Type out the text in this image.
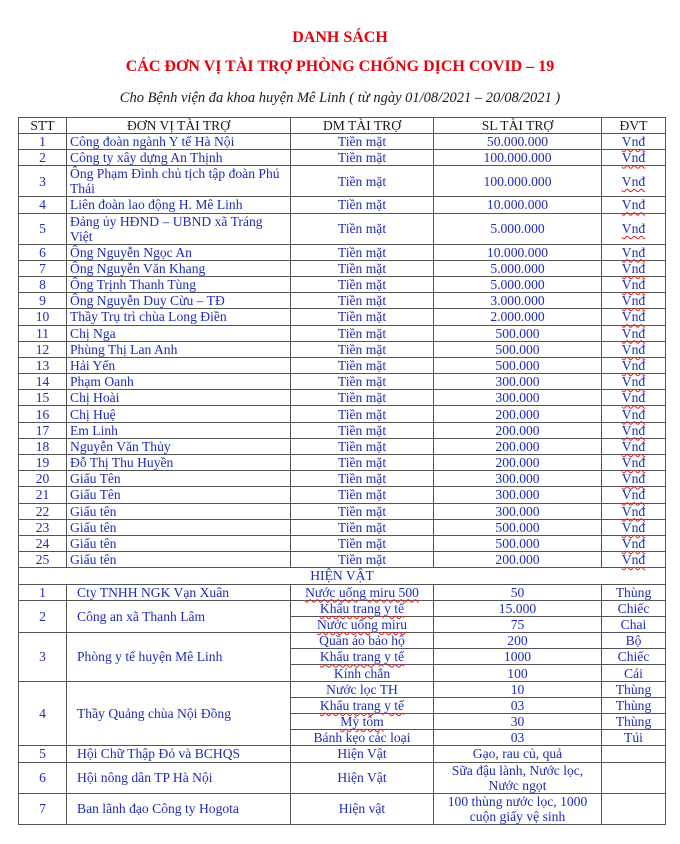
DANH SÁCH
CÁC ĐƠN VỊ TÀI TRỢ PHÒNG CHỐNG DỊCH COVID – 19
Cho Bệnh viện đa khoa huyện Mê Linh ( từ ngày 01/08/2021 – 20/08/2021 )
STT	ĐƠN VỊ TÀI TRỢ	DM TÀI TRỢ	SL TÀI TRỢ	ĐVT
1	Công đoàn ngành Y tế Hà Nội	Tiền mặt	50.000.000	Vnđ
2	Công ty xây dựng An Thịnh	Tiền mặt	100.000.000	Vnđ
3	Ông Phạm Đình chủ tịch tập đoàn Phú Thái	Tiền mặt	100.000.000	Vnđ
4	Liên đoàn lao động H. Mê Linh	Tiền mặt	10.000.000	Vnđ
5	Đảng ủy HĐND – UBND xã Tráng Việt	Tiền mặt	5.000.000	Vnđ
6	Ông Nguyễn Ngọc An	Tiền mặt	10.000.000	Vnđ
7	Ông Nguyễn Văn Khang	Tiền mặt	5.000.000	Vnđ
8	Ông Trịnh Thanh Tùng	Tiền mặt	5.000.000	Vnđ
9	Ông Nguyễn Duy Cừu – TĐ	Tiền mặt	3.000.000	Vnđ
10	Thầy Trụ trì chùa Long Điền	Tiền mặt	2.000.000	Vnđ
11	Chị Nga	Tiền mặt	500.000	Vnđ
12	Phùng Thị Lan Anh	Tiền mặt	500.000	Vnđ
13	Hải Yến	Tiền mặt	500.000	Vnđ
14	Phạm Oanh	Tiền mặt	300.000	Vnđ
15	Chị Hoài	Tiền mặt	300.000	Vnđ
16	Chị Huệ	Tiền mặt	200.000	Vnđ
17	Em Linh	Tiền mặt	200.000	Vnđ
18	Nguyễn Văn Thủy	Tiền mặt	200.000	Vnđ
19	Đỗ Thị Thu Huyền	Tiền mặt	200.000	Vnđ
20	Giấu Tên	Tiền mặt	300.000	Vnđ
21	Giấu Tên	Tiền mặt	300.000	Vnđ
22	Giấu tên	Tiền mặt	300.000	Vnđ
23	Giấu tên	Tiền mặt	500.000	Vnđ
24	Giấu tên	Tiền mặt	500.000	Vnđ
25	Giấu tên	Tiền mặt	200.000	Vnđ
HIỆN VẬT				
1	Cty TNHH NGK Vạn Xuân	Nước uống miru 500	50	Thùng
2	Công an xã Thanh Lâm	Khẩu trang y tế	15.000	Chiếc
		Nước uống miru	75	Chai
3	Phòng y tế huyện Mê Linh	Quần áo bảo hộ	200	Bộ
		Khẩu trang y tế	1000	Chiếc
		Kính chắn	100	Cái
4	Thầy Quảng chùa Nội Đồng	Nước lọc TH	10	Thùng
		Khẩu trang y tế	03	Thùng
		Mỳ tôm	30	Thùng
		Bánh kẹo các loại	03	Túi
5	Hội Chữ Thập Đỏ và BCHQS	Hiện Vật	Gạo, rau củ, quả	
6	Hội nông dân TP Hà Nội	Hiện Vật	Sữa đậu lành, Nước lọc, Nước ngọt	
7	Ban lãnh đạo Công ty Hogota	Hiện vật	100 thùng nước lọc, 1000 cuộn giấy vệ sinh	
